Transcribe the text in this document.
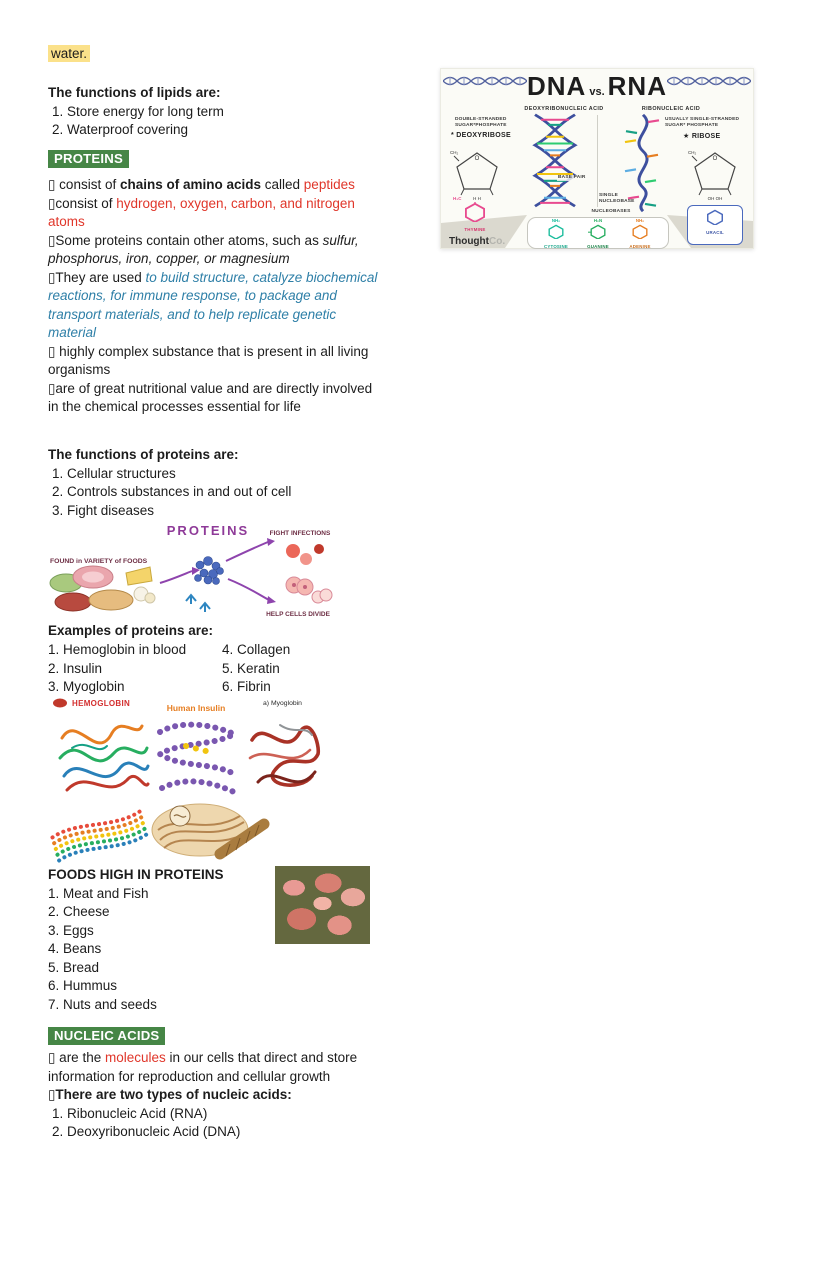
water.

The functions of lipids are:

1. Store energy for long term

2. Waterproof covering

PROTEINS

▯ consist of chains of amino acids called peptides

▯consist of hydrogen, oxygen, carbon, and nitrogen atoms

▯Some proteins contain other atoms, such as sulfur, phosphorus, iron, copper, or magnesium

▯They are used to build structure, catalyze biochemical reactions, for immune response, to package and transport materials, and to help replicate genetic material

▯ highly complex substance that is present in all living organisms

▯are of great nutritional value and are directly involved in the chemical processes essential for life

The functions of proteins are:

1. Cellular structures

2. Controls substances in and out of cell

3. Fight diseases

PROTEINS
FOUND in VARIETY of FOODS
FIGHT INFECTIONS
HELP CELLS DIVIDE

Examples of proteins are:

1. Hemoglobin in blood

2. Insulin

3. Myoglobin

4. Collagen

5. Keratin

6. Fibrin

HEMOGLOBIN	Human Insulin	a) Myoglobin

FOODS HIGH IN PROTEINS

1. Meat and Fish

2. Cheese

3. Eggs

4. Beans

5. Bread

6. Hummus

7. Nuts and seeds

NUCLEIC ACIDS

▯ are the molecules in our cells that direct and store information for reproduction and cellular growth

▯There are two types of nucleic acids:

1. Ribonucleic Acid (RNA)

2. Deoxyribonucleic Acid (DNA)

DNA vs. RNA
DEOXYRIBONUCLEIC ACID	RIBONUCLEIC ACID
DOUBLE-STRANDED
SUGAR*PHOSPHATE
* DEOXYRIBOSE
O
CH₂
H H
BASE PAIR
SINGLE
NUCLEOBASE
USUALLY SINGLE-STRANDED
SUGAR* PHOSPHATE
★ RIBOSE
O
CH₂
OH OH
NUCLEOBASES
NH₂
CYTOSINE
H₂N
GUANINE
NH₂
ADENINE
H₃C
THYMINE
URACIL
ThoughtCo.
